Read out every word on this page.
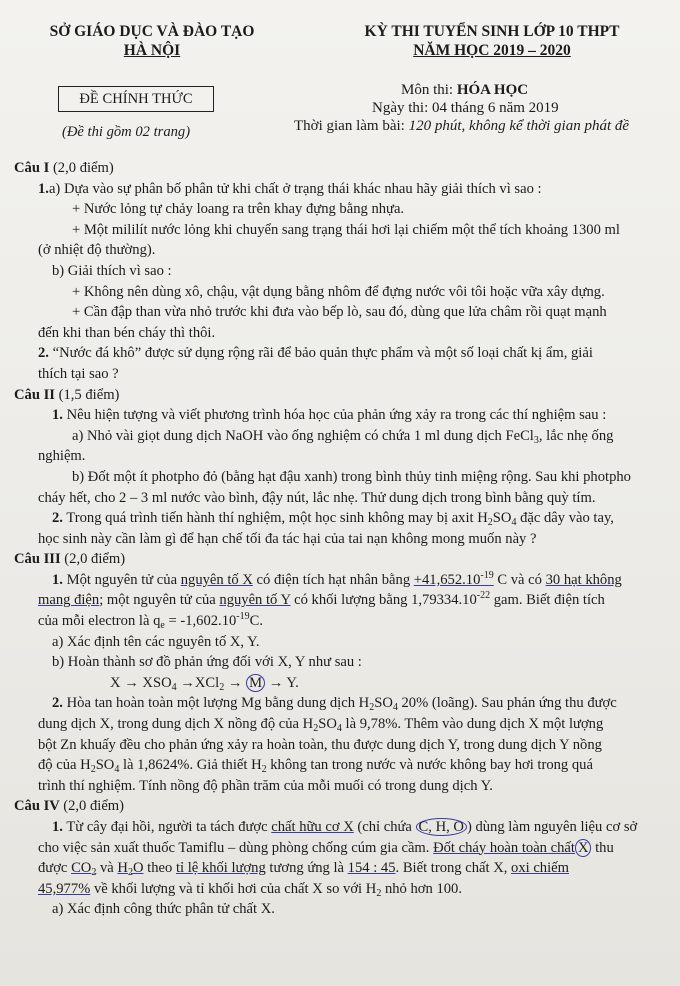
SỞ GIÁO DỤC VÀ ĐÀO TẠO
HÀ NỘI
KỲ THI TUYỂN SINH LỚP 10 THPT
NĂM HỌC 2019 – 2020
ĐỀ CHÍNH THỨC
(Đề thi gồm 02 trang)
Môn thi: HÓA HỌC
Ngày thi: 04 tháng 6 năm 2019
Thời gian làm bài: 120 phút, không kể thời gian phát đề

Câu I (2,0 điểm)

1.a) Dựa vào sự phân bố phân tử khi chất ở trạng thái khác nhau hãy giải thích vì sao :

+ Nước lỏng tự chảy loang ra trên khay đựng bằng nhựa.

+ Một mililít nước lỏng khi chuyển sang trạng thái hơi lại chiếm một thể tích khoảng 1300 ml

(ở nhiệt độ thường).

b) Giải thích vì sao :

+ Không nên dùng xô, chậu, vật dụng bằng nhôm để đựng nước vôi tôi hoặc vữa xây dựng.

+ Cần đập than vừa nhỏ trước khi đưa vào bếp lò, sau đó, dùng que lửa châm rồi quạt mạnh

đến khi than bén cháy thì thôi.

2. “Nước đá khô” được sử dụng rộng rãi để bảo quản thực phẩm và một số loại chất kị ẩm, giải

thích tại sao ?

Câu II (1,5 điểm)

1. Nêu hiện tượng và viết phương trình hóa học của phản ứng xảy ra trong các thí nghiệm sau :

a) Nhỏ vài giọt dung dịch NaOH vào ống nghiệm có chứa 1 ml dung dịch FeCl$_3$, lắc nhẹ ống

nghiệm.

b) Đốt một ít photpho đỏ (bằng hạt đậu xanh) trong bình thủy tinh miệng rộng. Sau khi photpho

cháy hết, cho 2 – 3 ml nước vào bình, đậy nút, lắc nhẹ. Thử dung dịch trong bình bằng quỳ tím.

2. Trong quá trình tiến hành thí nghiệm, một học sinh không may bị axit $H_2SO_4$ đặc dây vào tay,

học sinh này cần làm gì để hạn chế tối đa tác hại của tai nạn không mong muốn này ?

Câu III (2,0 điểm)

1. Một nguyên tử của nguyên tố X có điện tích hạt nhân bằng $+41,652.10^{-19}$ C và có 30 hạt không

mang điện; một nguyên tử của nguyên tố Y có khối lượng bằng $1,79334.10^{-22}$ gam. Biết điện tích

của mỗi electron là $q_e = -1,602.10^{-19}C$.

a) Xác định tên các nguyên tố X, Y.

b) Hoàn thành sơ đồ phản ứng đối với X, Y như sau :

$X \to XSO_4 \to XCl_2 \to M \to Y$.

2. Hòa tan hoàn toàn một lượng Mg bằng dung dịch $H_2SO_4$ 20% (loãng). Sau phản ứng thu được

dung dịch X, trong dung dịch X nồng độ của $H_2SO_4$ là 9,78%. Thêm vào dung dịch X một lượng

bột Zn khuấy đều cho phản ứng xảy ra hoàn toàn, thu được dung dịch Y, trong dung dịch Y nồng

độ của $H_2SO_4$ là 1,8624%. Giả thiết $H_2$ không tan trong nước và nước không bay hơi trong quá

trình thí nghiệm. Tính nồng độ phần trăm của mỗi muối có trong dung dịch Y.

Câu IV (2,0 điểm)

1. Từ cây đại hồi, người ta tách được chất hữu cơ X (chỉ chứa C, H, O ) dùng làm nguyên liệu cơ sở

cho việc sản xuất thuốc Tamiflu – dùng phòng chống cúm gia cầm. Đốt cháy hoàn toàn chất X thu

được $CO_2$ và $H_2O$ theo tỉ lệ khối lượng tương ứng là 154 : 45. Biết trong chất X, oxi chiếm

45,977% về khối lượng và tỉ khối hơi của chất X so với $H_2$ nhỏ hơn 100.

a) Xác định công thức phân tử chất X.
